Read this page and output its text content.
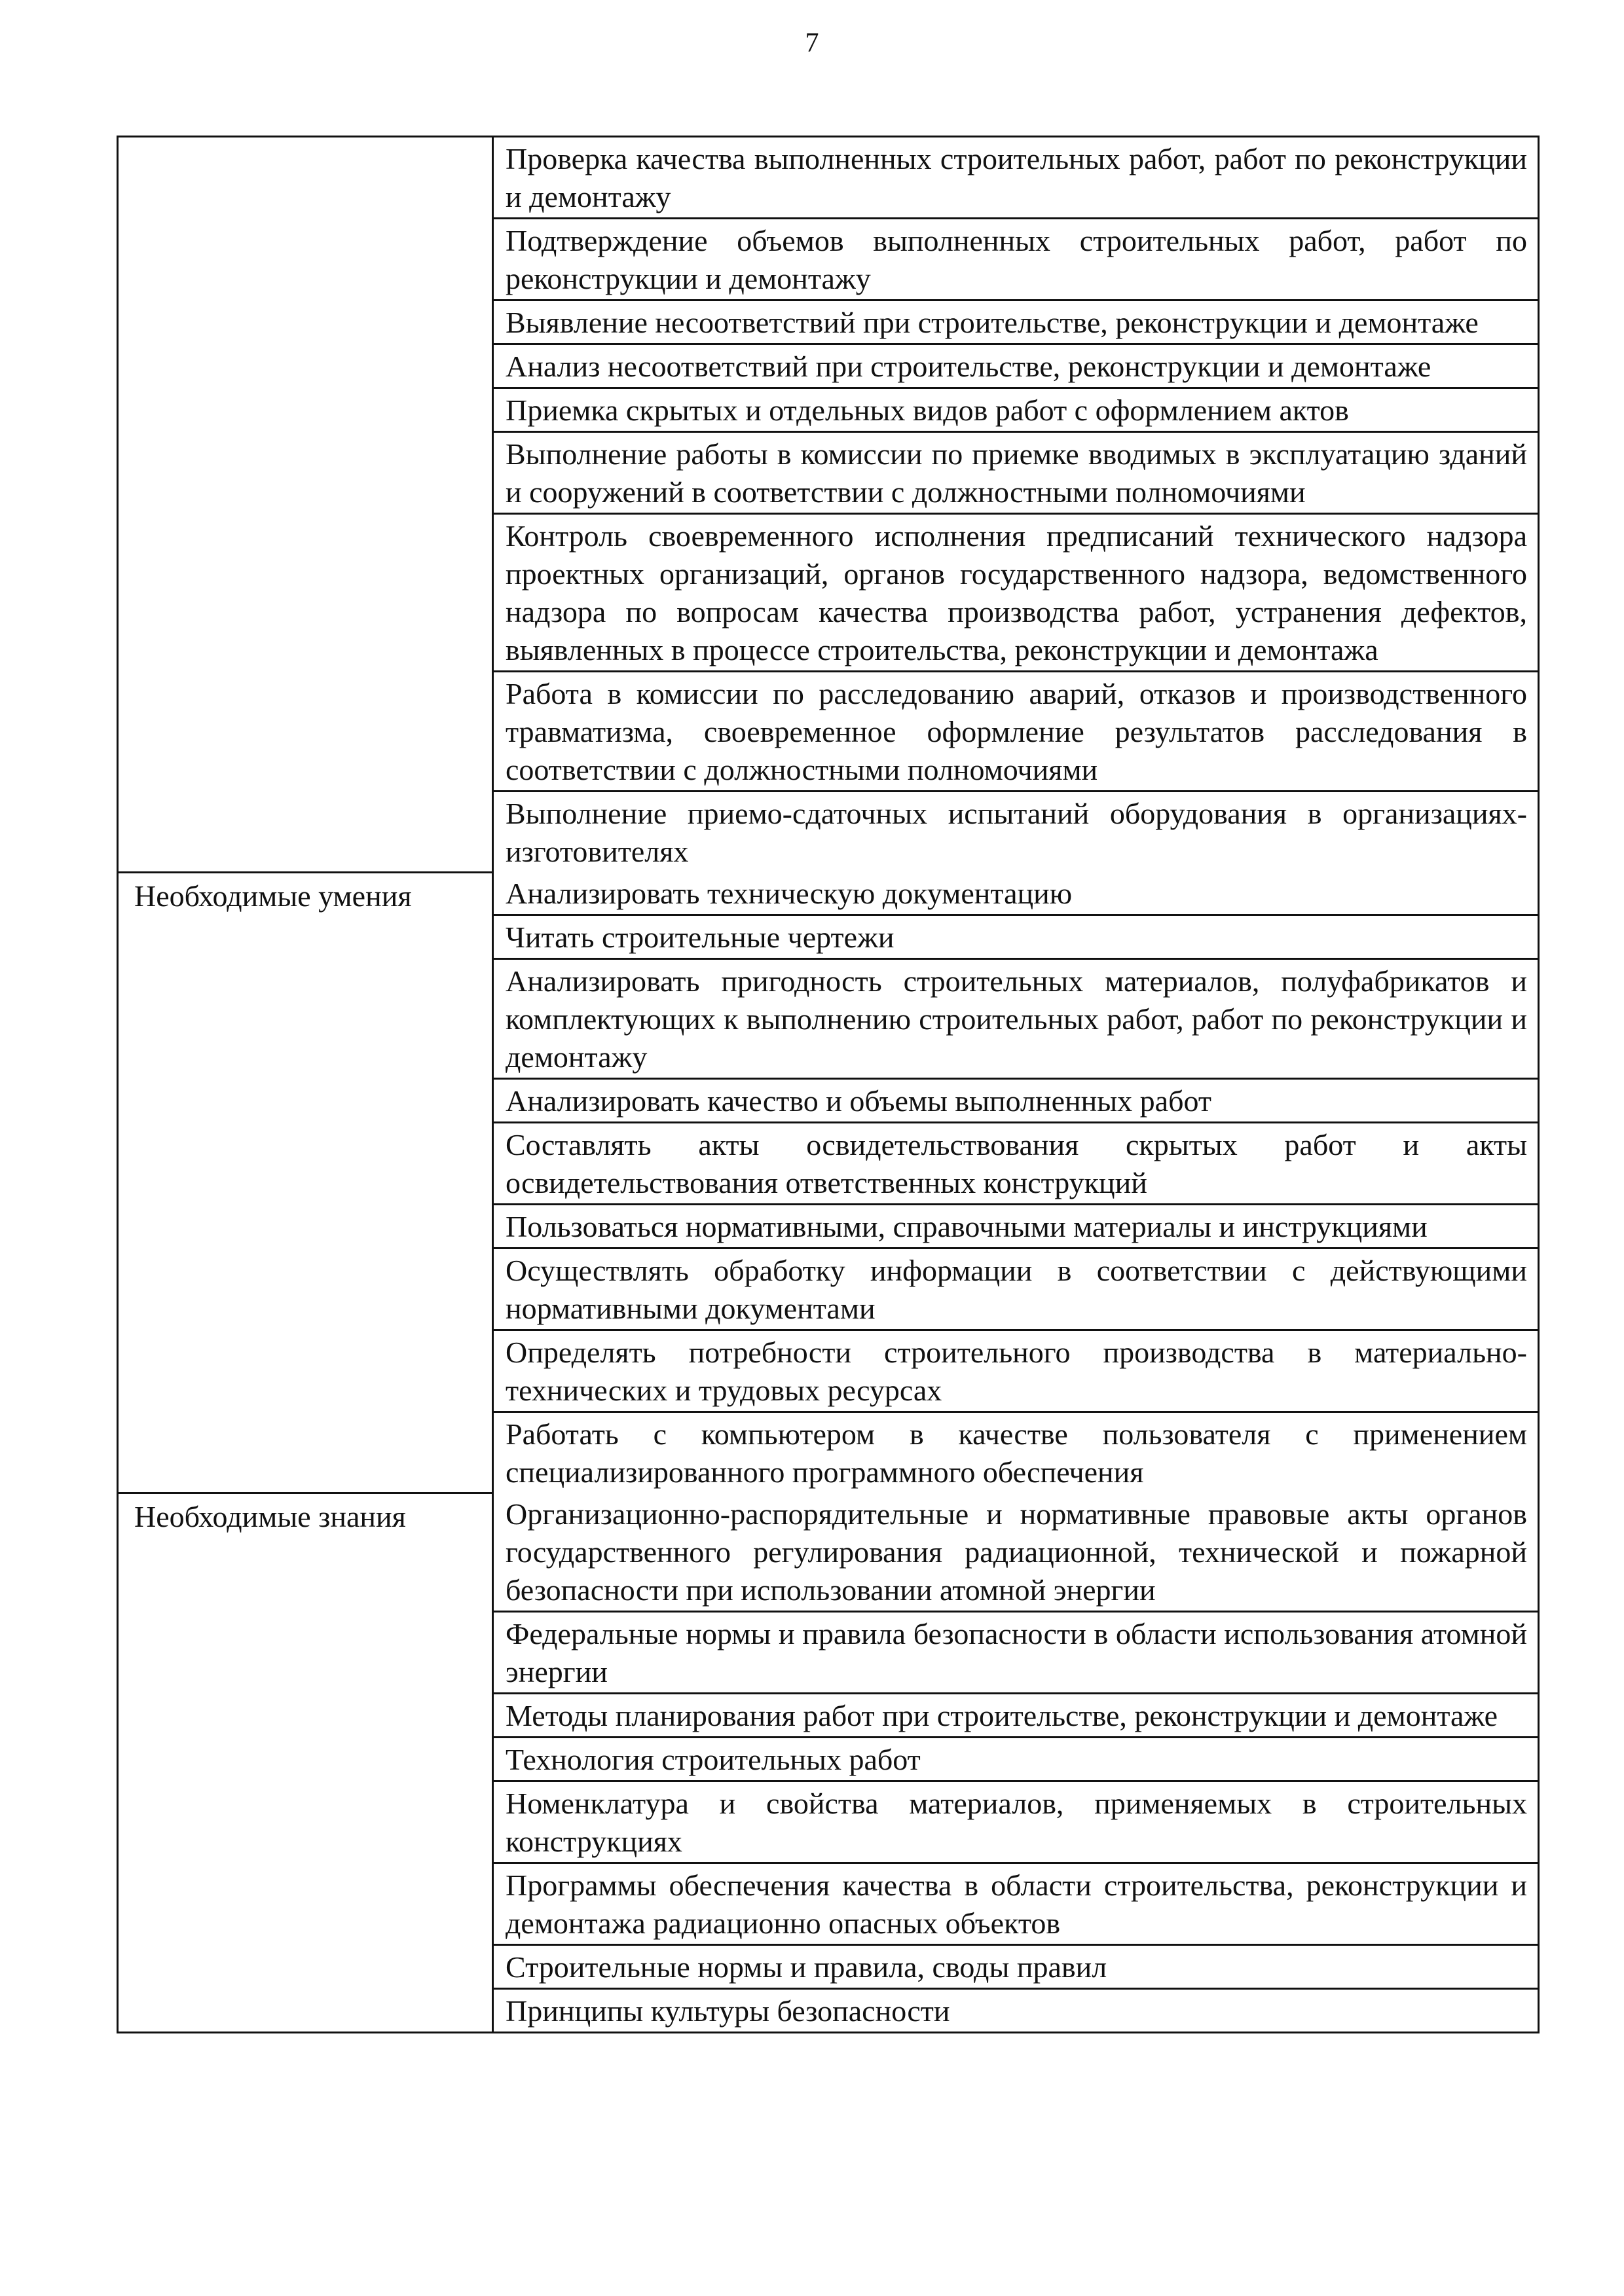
7
	Проверка качества выполненных строительных работ, работ по реконструкции и демонтажу
	Подтверждение объемов выполненных строительных работ, работ по реконструкции и демонтажу
	Выявление несоответствий при строительстве, реконструкции и демонтаже
	Анализ несоответствий при строительстве, реконструкции и демонтаже
	Приемка скрытых и отдельных видов работ с оформлением актов
	Выполнение работы в комиссии по приемке вводимых в эксплуатацию зданий и сооружений в соответствии с должностными полномочиями
	Контроль своевременного исполнения предписаний технического надзора проектных организаций, органов государственного надзора, ведомственного надзора по вопросам качества производства работ, устранения дефектов, выявленных в процессе строительства, реконструкции и демонтажа
	Работа в комиссии по расследованию аварий, отказов и производственного травматизма, своевременное оформление результатов расследования в соответствии с должностными полномочиями
	Выполнение приемо-сдаточных испытаний оборудования в организациях-изготовителях
Необходимые умения	Анализировать техническую документацию
	Читать строительные чертежи
	Анализировать пригодность строительных материалов, полуфабрикатов и комплектующих к выполнению строительных работ, работ по реконструкции и демонтажу
	Анализировать качество и объемы выполненных работ
	Составлять акты освидетельствования скрытых работ и акты освидетельствования ответственных конструкций
	Пользоваться нормативными, справочными материалы и инструкциями
	Осуществлять обработку информации в соответствии с действующими нормативными документами
	Определять потребности строительного производства в материально-технических и трудовых ресурсах
	Работать с компьютером в качестве пользователя с применением специализированного программного обеспечения
Необходимые знания	Организационно-распорядительные и нормативные правовые акты органов государственного регулирования радиационной, технической и пожарной безопасности при использовании атомной энергии
	Федеральные нормы и правила безопасности в области использования атомной энергии
	Методы планирования работ при строительстве, реконструкции и демонтаже
	Технология строительных работ
	Номенклатура и свойства материалов, применяемых в строительных конструкциях
	Программы обеспечения качества в области строительства, реконструкции и демонтажа радиационно опасных объектов
	Строительные нормы и правила, своды правил
	Принципы культуры безопасности
